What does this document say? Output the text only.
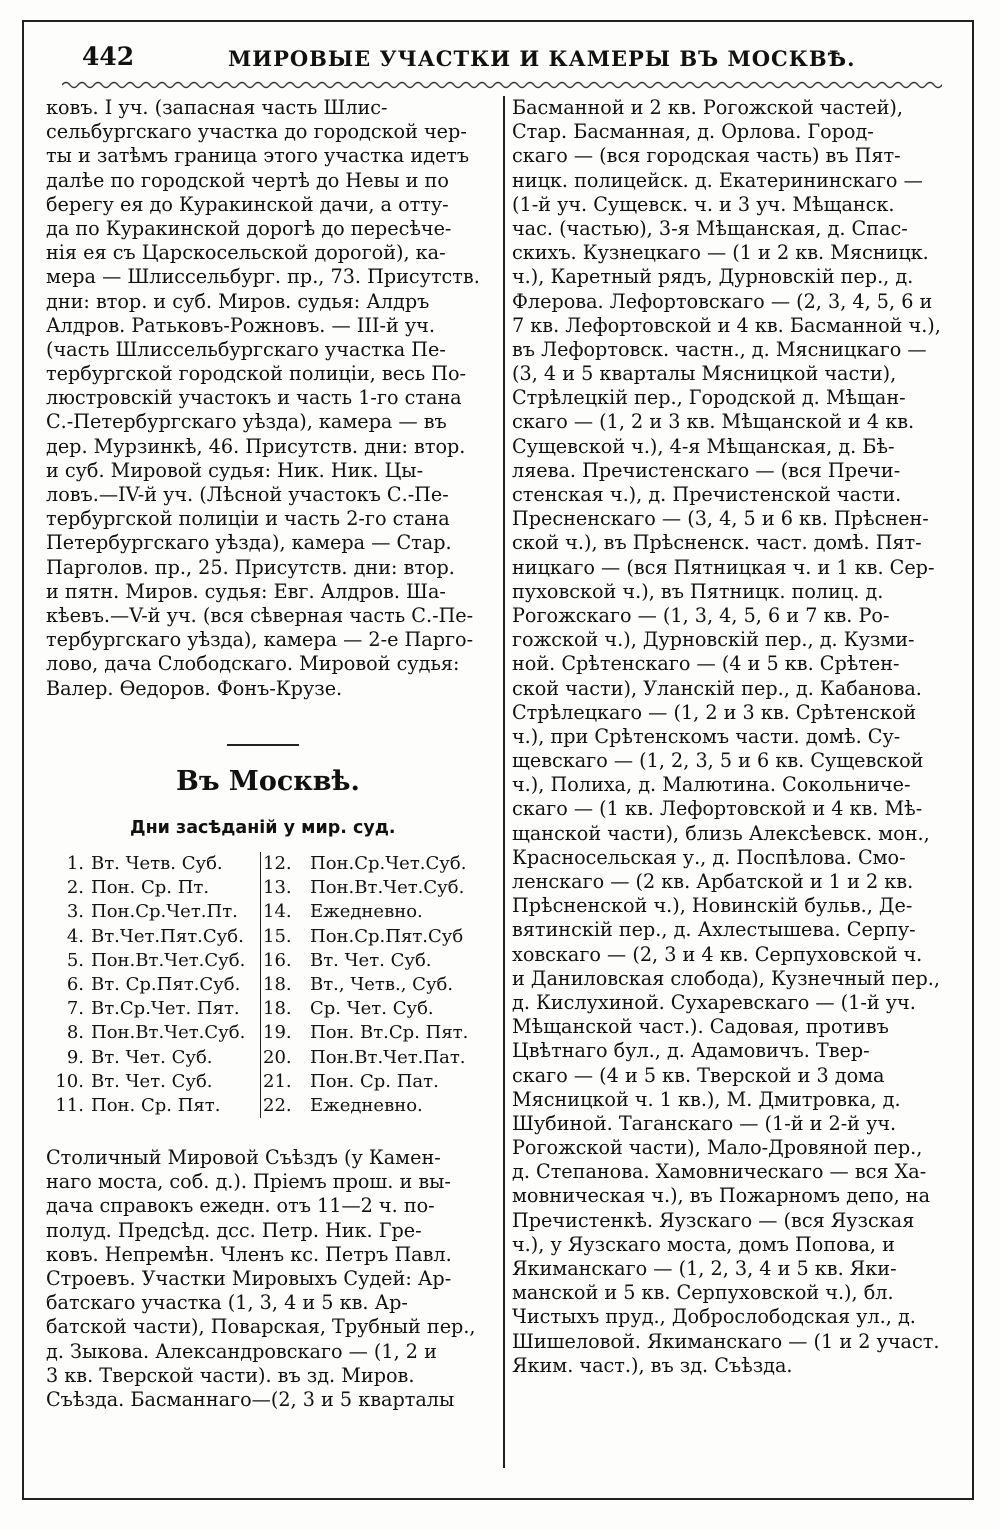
442	МИРОВЫЕ УЧАСТКИ И КАМЕРЫ ВЪ МОСКВѢ.
ковъ. I уч. (запасная часть Шлис-
сельбургскаго участка до городской чер-
ты и затѣмъ граница этого участка идетъ
далѣе по городской чертѣ до Невы и по
берегу ея до Куракинской дачи, а отту-
да по Куракинской дорогѣ до пересѣче-
нія ея съ Царскосельской дорогой), ка-
мера — Шлиссельбург. пр., 73. Присутств.
дни: втор. и суб. Миров. судья: Алдръ
Алдров. Ратьковъ-Рожновъ. — III-й уч.
(часть Шлиссельбургскаго участка Пе-
тербургской городской полиціи, весь По-
люстровскій участокъ и часть 1-го стана
С.-Петербургскаго уѣзда), камера — въ
дер. Мурзинкѣ, 46. Присутств. дни: втор.
и суб. Мировой судья: Ник. Ник. Цы-
ловъ.—IV-й уч. (Лѣсной участокъ С.-Пе-
тербургской полиціи и часть 2-го стана
Петербургскаго уѣзда), камера — Стар.
Парголов. пр., 25. Присутств. дни: втор.
и пятн. Миров. судья: Евг. Алдров. Ша-
кѣевъ.—V-й уч. (вся сѣверная часть С.-Пе-
тербургскаго уѣзда), камера — 2-е Парго-
лово, дача Слободскаго. Мировой судья:
Валер. Ѳедоров. Фонъ-Крузе.
Въ Москвѣ.
Дни засѣданій у мир. суд.
1. Вт. Четв. Суб. 12.	Пон.Ср.Чет.Суб.
2. Пон. Ср. Пт.	13.	Пон.Вт.Чет.Суб.
3. Пон.Ср.Чет.Пт. 14.	Ежедневно.
4. Вт.Чет.Пят.Суб. 15.	Пон.Ср.Пят.Суб
5. Пон.Вт.Чет.Суб. 16.	Вт. Чет. Суб.
6. Вт. Ср.Пят.Суб. 18.	Вт., Четв., Суб.
7. Вт.Ср.Чет. Пят. 18.	Ср. Чет. Суб.
8. Пон.Вт.Чет.Суб. 19.	Пон. Вт.Ср. Пят.
9. Вт. Чет. Суб.	20.	Пон.Вт.Чет.Пат.
10. Вт. Чет. Суб.	21.	Пон. Ср. Пат.
11. Пон. Ср. Пят. 22.	Ежедневно.
Столичный Мировой Съѣздъ (у Камен-
наго моста, соб. д.). Пріемъ прош. и вы-
дача справокъ ежедн. отъ 11—2 ч. по-
полуд. Предсѣд. дсс. Петр. Ник. Гре-
ковъ. Непремѣн. Членъ кс. Петръ Павл.
Строевъ. Участки Мировыхъ Судей: Ар-
батскаго участка (1, 3, 4 и 5 кв. Ар-
батской части), Поварская, Трубный пер.,
д. Зыкова. Александровскаго — (1, 2 и
3 кв. Тверской части). въ зд. Миров.
Съѣзда. Басманнаго—(2, 3 и 5 кварталы
Басманной и 2 кв. Рогожской частей),
Стар. Басманная, д. Орлова. Город-
скаго — (вся городская часть) въ Пят-
ницк. полицейск. д. Екатерининскаго —
(1-й уч. Сущевск. ч. и 3 уч. Мѣщанск.
час. (частью), 3-я Мѣщанская, д. Спас-
скихъ. Кузнецкаго — (1 и 2 кв. Мясницк.
ч.), Каретный рядъ, Дурновскій пер., д.
Флерова. Лефортовскаго — (2, 3, 4, 5, 6 и
7 кв. Лефортовской и 4 кв. Басманной ч.),
въ Лефортовск. частн., д. Мясницкаго —
(3, 4 и 5 кварталы Мясницкой части),
Стрѣлецкій пер., Городской д. Мѣщан-
скаго — (1, 2 и 3 кв. Мѣщанской и 4 кв.
Сущевской ч.), 4-я Мѣщанская, д. Бѣ-
ляева. Пречистенскаго — (вся Пречи-
стенская ч.), д. Пречистенской части.
Пресненскаго — (3, 4, 5 и 6 кв. Прѣснен-
ской ч.), въ Прѣсненск. част. домѣ. Пят-
ницкаго — (вся Пятницкая ч. и 1 кв. Сер-
пуховской ч.), въ Пятницк. полиц. д.
Рогожскаго — (1, 3, 4, 5, 6 и 7 кв. Ро-
гожской ч.), Дурновскій пер., д. Кузми-
ной. Срѣтенскаго — (4 и 5 кв. Срѣтен-
ской части), Уланскій пер., д. Кабанова.
Стрѣлецкаго — (1, 2 и 3 кв. Срѣтенской
ч.), при Срѣтенскомъ части. домѣ. Су-
щевскаго — (1, 2, 3, 5 и 6 кв. Сущевской
ч.), Полиха, д. Малютина. Сокольниче-
скаго — (1 кв. Лефортовской и 4 кв. Мѣ-
щанской части), близь Алексѣевск. мон.,
Красносельская у., д. Поспѣлова. Смо-
ленскаго — (2 кв. Арбатской и 1 и 2 кв.
Прѣсненской ч.), Новинскій бульв., Де-
вятинскій пер., д. Ахлестышева. Серпу-
ховскаго — (2, 3 и 4 кв. Серпуховской ч.
и Даниловская слобода), Кузнечный пер.,
д. Кислухиной. Сухаревскаго — (1-й уч.
Мѣщанской част.). Садовая, противъ
Цвѣтнаго бул., д. Адамовичъ. Твер-
скаго — (4 и 5 кв. Тверской и 3 дома
Мясницкой ч. 1 кв.), М. Дмитровка, д.
Шубиной. Таганскаго — (1-й и 2-й уч.
Рогожской части), Мало-Дровяной пер.,
д. Степанова. Хамовническаго — вся Ха-
мовническая ч.), въ Пожарномъ депо, на
Пречистенкѣ. Яузскаго — (вся Яузская
ч.), у Яузскаго моста, домъ Попова, и
Якиманскаго — (1, 2, 3, 4 и 5 кв. Яки-
манской и 5 кв. Серпуховской ч.), бл.
Чистыхъ пруд., Доброслободская ул., д.
Шишеловой. Якиманскаго — (1 и 2 участ.
Яким. част.), въ зд. Съѣзда.
